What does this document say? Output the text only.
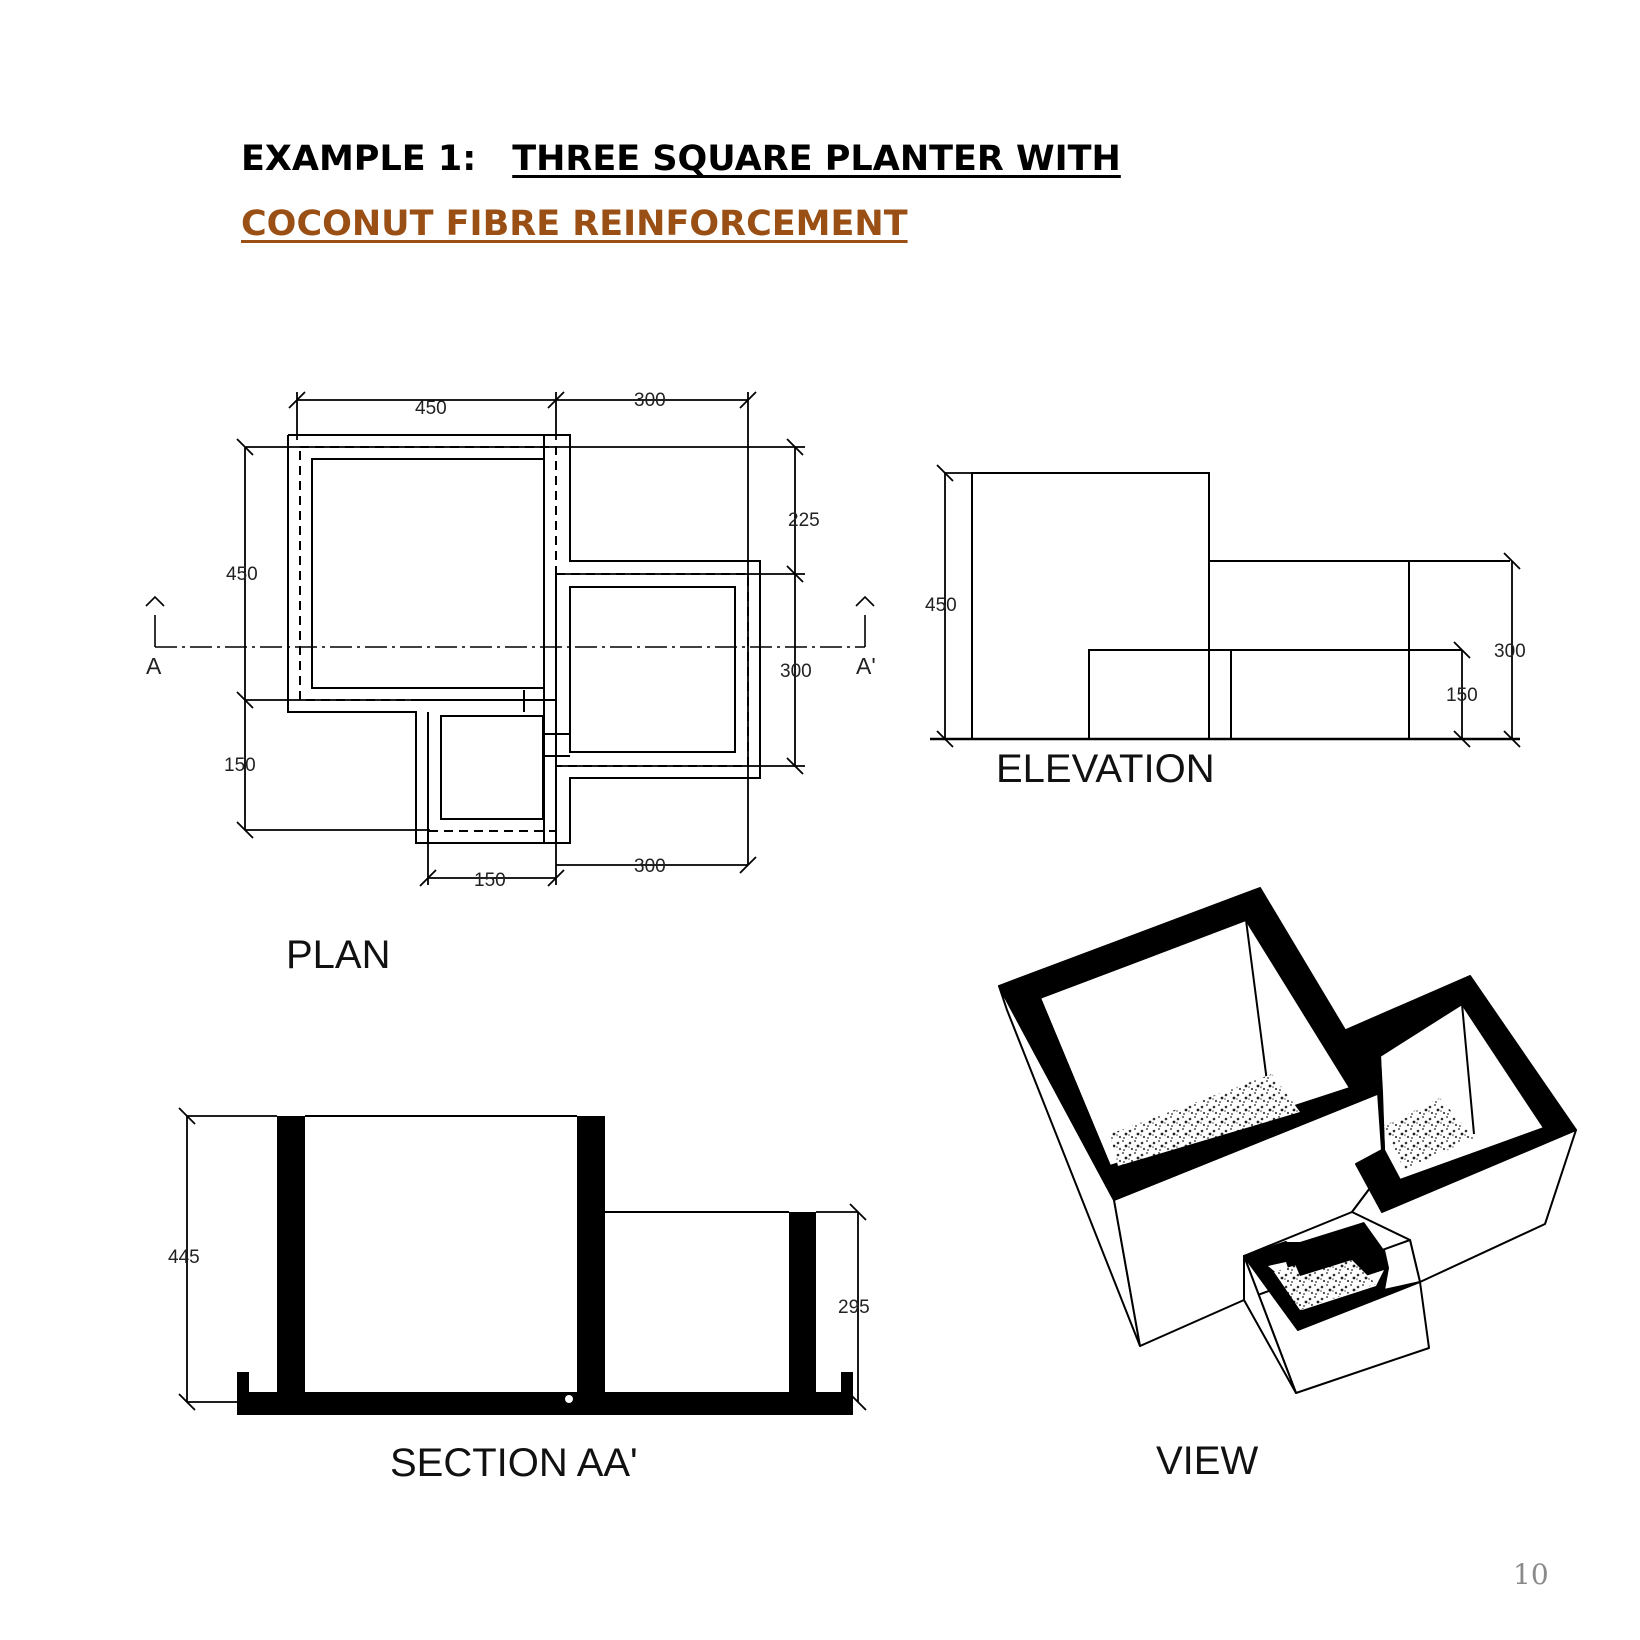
EXAMPLE 1: THREE SQUARE PLANTER WITH
COCONUT FIBRE REINFORCEMENT
450	300
450
150
225
300
150
300
A	A'
PLAN
450
300
150
ELEVATION
445
295
SECTION AA'	VIEW
10
